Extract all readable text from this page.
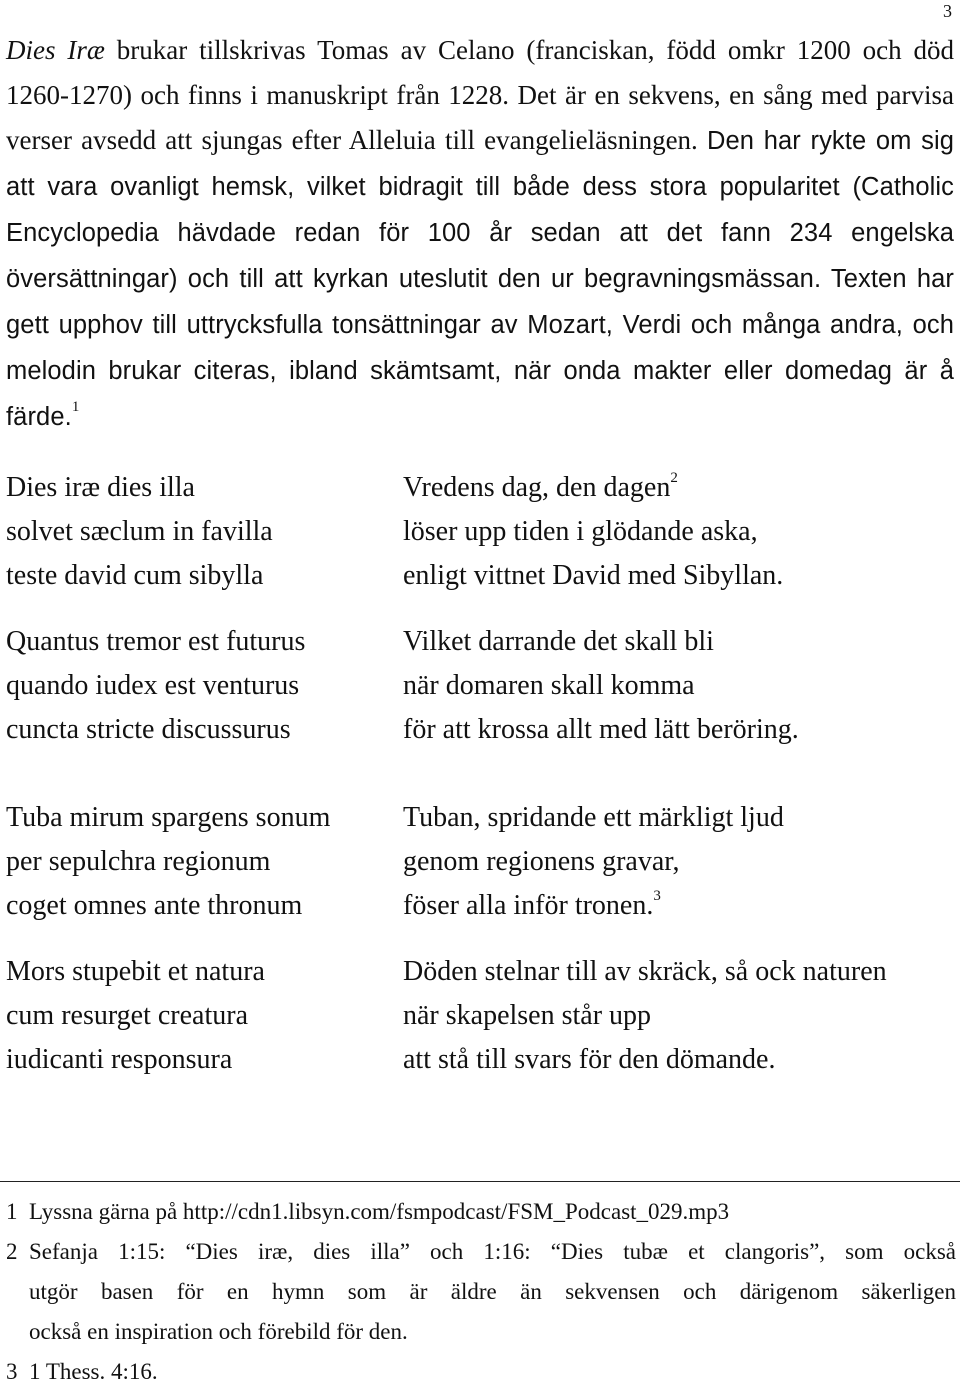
3
Dies Iræ brukar tillskrivas Tomas av Celano (franciskan, född omkr 1200 och död 1260-1270) och finns i manuskript från 1228. Det är en sekvens, en sång med parvisa verser avsedd att sjungas efter Alleluia till evangelieläsningen. Den har rykte om sig att vara ovanligt hemsk, vilket bidragit till både dess stora popularitet (Catholic Encyclopedia hävdade redan för 100 år sedan att det fann 234 engelska översättningar) och till att kyrkan uteslutit den ur begravningsmässan. Texten har gett upphov till uttrycksfulla tonsättningar av Mozart, Verdi och många andra, och melodin brukar citeras, ibland skämtsamt, när onda makter eller domedag är å färde.$^1$
Dies iræ dies illa	Vredens dag, den dagen$^2$
solvet sæclum in favilla	löser upp tiden i glödande aska,
teste david cum sibylla	enligt vittnet David med Sibyllan.
Quantus tremor est futurus	Vilket darrande det skall bli
quando iudex est venturus	när domaren skall komma
cuncta stricte discussurus	för att krossa allt med lätt beröring.
Tuba mirum spargens sonum	Tuban, spridande ett märkligt ljud
per sepulchra regionum	genom regionens gravar,
coget omnes ante thronum	föser alla inför tronen.$^3$
Mors stupebit et natura	Döden stelnar till av skräck, så ock naturen
cum resurget creatura	när skapelsen står upp
iudicanti responsura	att stå till svars för den dömande.
1 Lyssna gärna på http://cdn1.libsyn.com/fsmpodcast/FSM_Podcast_029.mp3
2 Sefanja 1:15: “Dies iræ, dies illa” och 1:16: “Dies tubæ et clangoris”, som också
utgör basen för en hymn som är äldre än sekvensen och därigenom säkerligen
också en inspiration och förebild för den.
3 1 Thess. 4:16.
